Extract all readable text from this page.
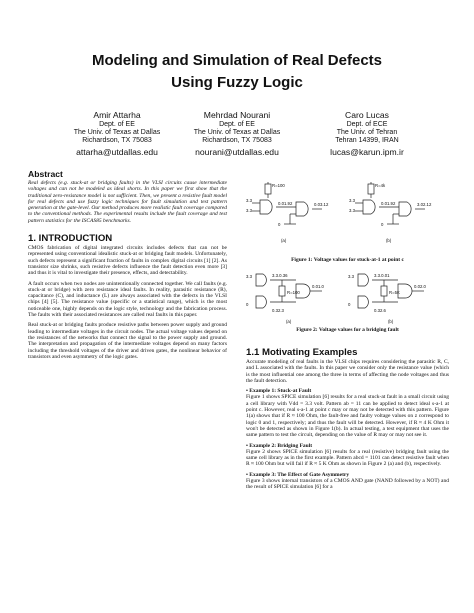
Modeling and Simulation of Real Defects
Using Fuzzy Logic
Amir Attarha
Dept. of EE
The Univ. of Texas at Dallas
Richardson, TX 75083
attarha@utdallas.edu
Mehrdad Nourani
Dept. of EE
The Univ. of Texas at Dallas
Richardson, TX 75083
nourani@utdallas.edu
Caro Lucas
Dept. of ECE
The Univ. of Tehran
Tehran 14399, IRAN
lucas@karun.ipm.ir
Abstract

Real defects (e.g. stuck-at or bridging faults) in the VLSI circuits cause intermediate voltages and can not be modeled as ideal shorts. In this paper we first show that the traditional zero-resistance model is not sufficient. Then, we present a resistive fault model for real defects and use fuzzy logic techniques for fault simulation and test pattern generation at the gate-level. Our method produces more realistic fault coverage compared to the conventional methods. The experimental results include the fault coverage and test pattern statistics for the ISCAS85 benchmarks.

1. INTRODUCTION

CMOS fabrication of digital integrated circuits includes defects that can not be represented using conventional idealistic stuck-at or bridging fault models. Unfortunately, such defects represent a significant fraction of faults in complex digital circuits [1] [2]. As transistor size shrinks, such resistive defects influence the fault detection even more [3] and thus it is vital to investigate their presence, effects, and detectability.

A fault occurs when two nodes are unintentionally connected together. We call faults (e.g. stuck-at or bridge) with zero resistance ideal faults. In reality, parasitic resistance (R), capacitance (C), and inductance (L) are always associated with the defects in the VLSI chips [4] [5]. The resistance value (specific or a statistical range), which is the most noticeable one, highly depends on the logic style, technology and the fabrication process. The faults with their associated resistances are called real faults in this paper.

Real stuck-at or bridging faults produce resistive paths between power supply and ground leading to intermediate voltages in the circuit nodes. The actual voltage values depend on the resistances of the networks that connect the signal to the power supply and ground. The interpretation and propagation of the intermediate voltages depend on many factors including the threshold voltages of the driver and driven gates, the nonlinear behavior of transistors and even asymmetry of the logic gates.

R=100
3.3
3.3
0.01.92
0
0.03.12
(a)
R=4k
3.3
3.3
0.01.92
0
3.02.12
(b)
Figure 1: Voltage values for stuck-at-1 at point c
3.3
0
3.3.0.36
R=100
0.32.3
0.01.0
(a)
3.3
0
3.3.0.01
R=5K
0.32.6
0.02.0
(b)
Figure 2: Voltage values for a bridging fault
1.1 Motivating Examples

Accurate modeling of real faults in the VLSI chips requires considering the parasitic R, C, and L associated with the faults. In this paper we consider only the resistance value (which is the most influential one among the three in terms of affecting the node voltages and thus the fault detection.

• Example 1: Stuck-at Fault

Figure 1 shows SPICE simulation [6] results for a real stuck-at fault in a small circuit using a cell library with Vdd = 3.3 volt. Pattern ab = 11 can be applied to detect ideal s-a-1 at point c. However, real s-a-1 at point c may or may not be detected with this pattern. Figure 1(a) shows that if R ≈ 100 Ohm, the fault-free and faulty voltage values on z correspond to logic 0 and 1, respectively; and thus the fault will be detected. However, if R ≈ 4 K Ohm it won't be detected as shown in Figure 1(b). In actual testing, a test equipment that uses the same pattern to test the circuit, depending on the value of R may or may not see it.

• Example 2: Bridging Fault

Figure 2 shows SPICE simulation [6] results for a real (resistive) bridging fault using the same cell library as in the first example. Pattern abcd = 1101 can detect resistive fault when R ≈ 100 Ohm but will fail if R ≈ 5 K Ohm as shown in Figure 2 (a) and (b), respectively.

• Example 3: The Effect of Gate Asymmetry

Figure 3 shows internal transistors of a CMOS AND gate (NAND followed by a NOT) and the result of SPICE simulation [6] for a
